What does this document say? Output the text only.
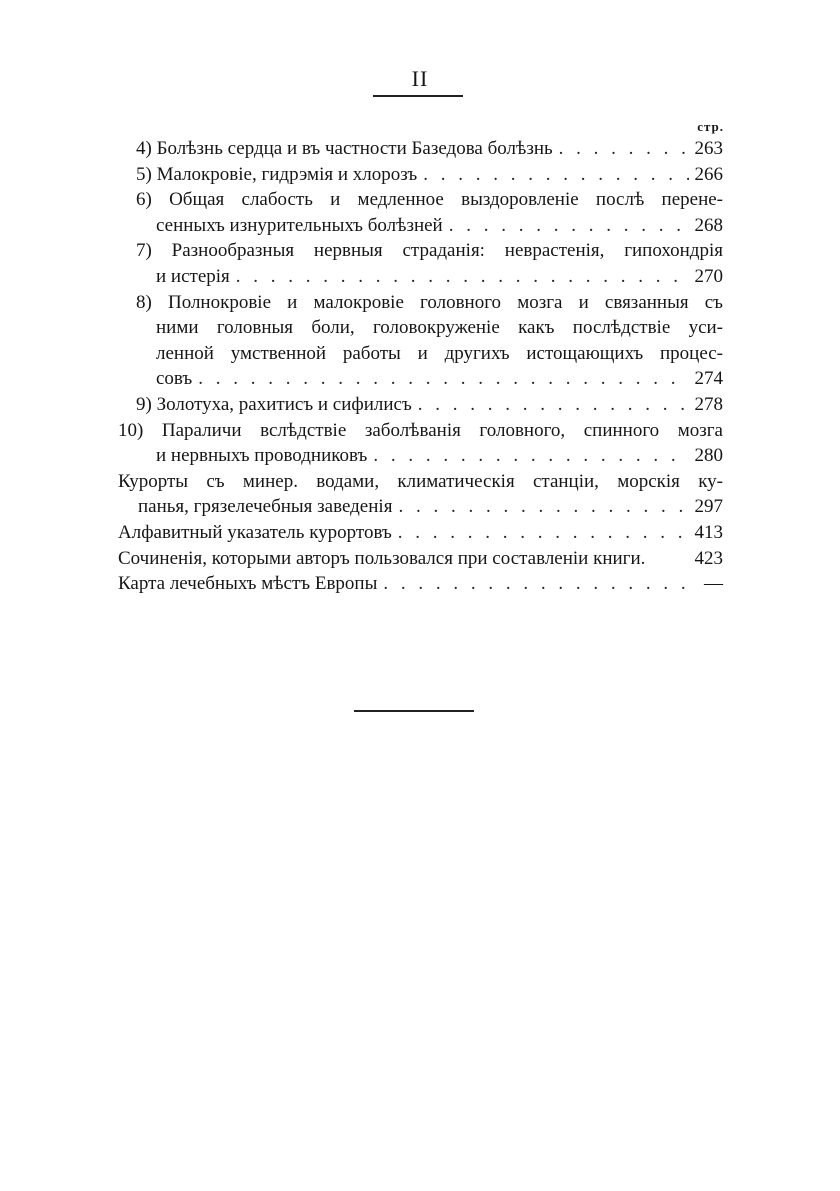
II
стр.
4) Болѣзнь сердца и въ частности Базедова болѣзнь . . .	263
5) Малокровіе, гидрэмія и хлорозъ . . .	266
6) Общая слабость и медленное выздоровленіе послѣ перене-
сенныхъ изнурительныхъ болѣзней . . .	268
7) Разнообразныя нервныя страданія: неврастенія, гипохондрія
и истерія . . .	270
8) Полнокровіе и малокровіе головного мозга и связанныя съ
ними головныя боли, головокруженіе какъ послѣдствіе уси-
ленной умственной работы и другихъ истощающихъ процес-
совъ . . .	274
9) Золотуха, рахитисъ и сифилисъ . . .	278
10) Параличи вслѣдствіе заболѣванія головного, спинного мозга
и нервныхъ проводниковъ . . .	280
Курорты съ минер. водами, климатическія станціи, морскія ку-
панья, грязелечебныя заведенія . . .	297
Алфавитный указатель курортовъ . . .	413
Сочиненія, которыми авторъ пользовался при составленіи книги.	423
Карта лечебныхъ мѣстъ Европы . . .	—
